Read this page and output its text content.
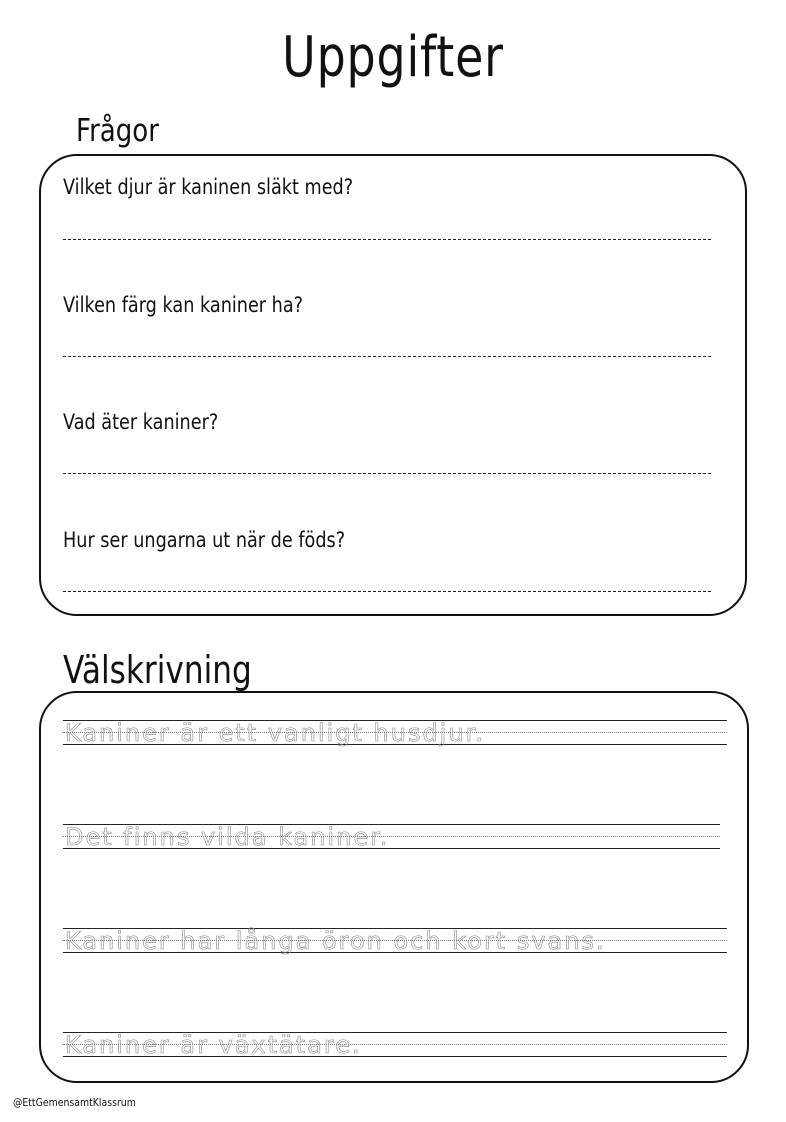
Uppgifter
Frågor
Vilket djur är kaninen släkt med?
Vilken färg kan kaniner ha?
Vad äter kaniner?
Hur ser ungarna ut när de föds?
Välskrivning
Kaniner är ett vanligt husdjur.
Det finns vilda kaniner.
Kaniner har långa öron och kort svans.
Kaniner är växtätare.
@EttGemensamtKlassrum
